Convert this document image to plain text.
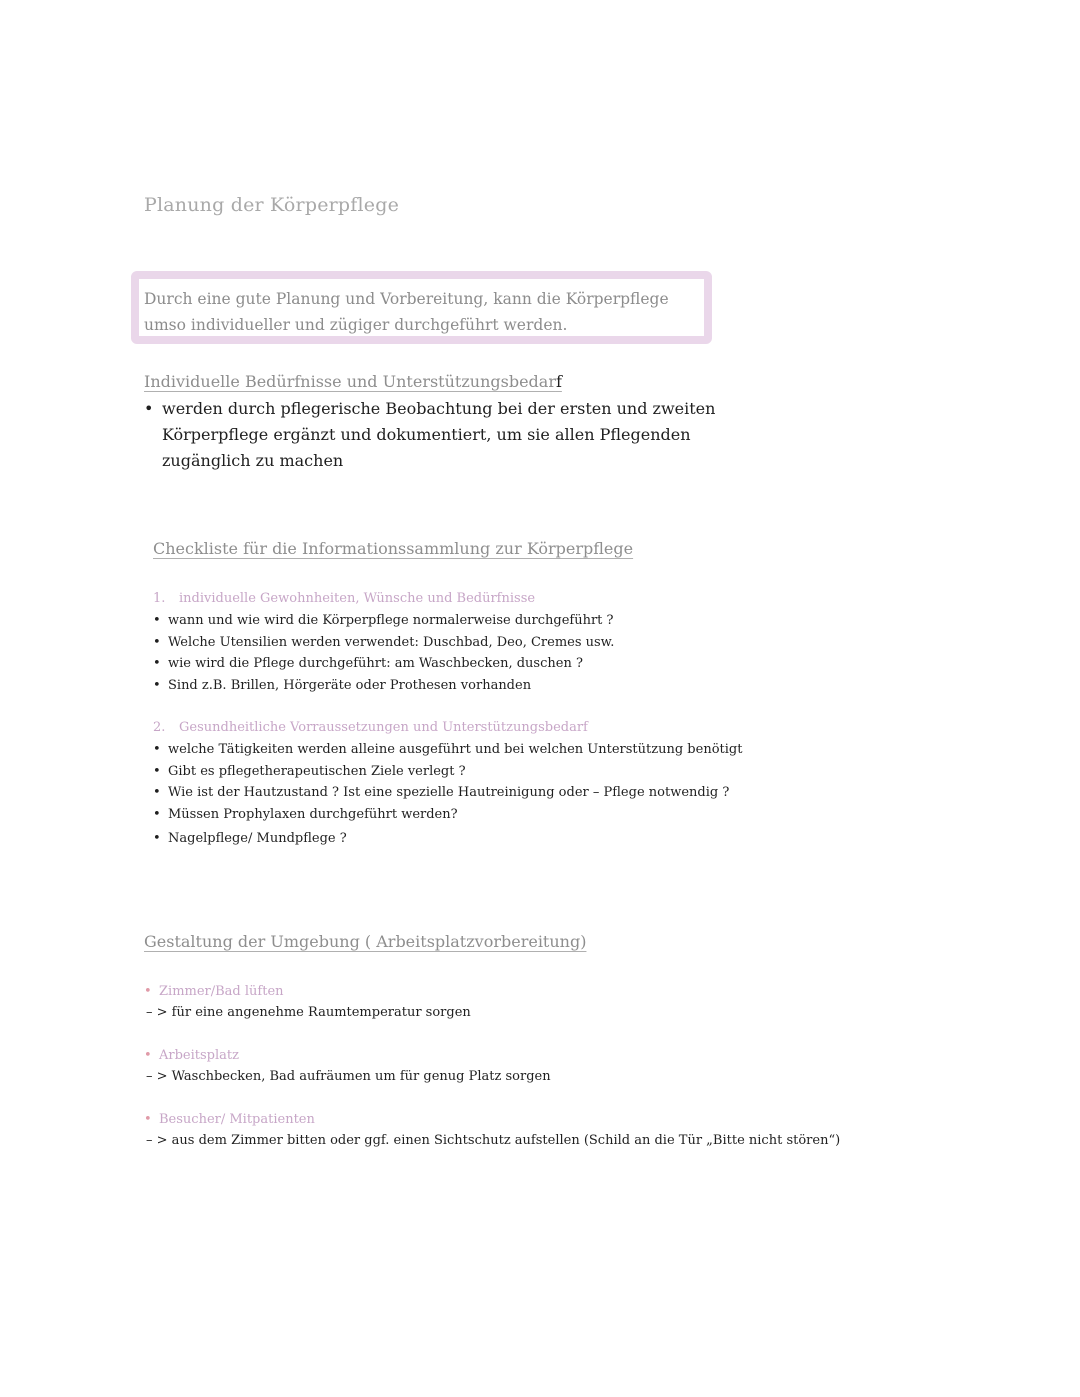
Planung der Körperpflege
Durch eine gute Planung und Vorbereitung, kann die Körperpflege umso individueller und zügiger durchgeführt werden.
Individuelle Bedürfnisse und Unterstützungsbedarf
• werden durch pflegerische Beobachtung bei der ersten und zweiten Körperpflege ergänzt und dokumentiert, um sie allen Pflegenden zugänglich zu machen
Checkliste für die Informationssammlung zur Körperpflege
1. individuelle Gewohnheiten, Wünsche und Bedürfnisse
• wann und wie wird die Körperpflege normalerweise durchgeführt ?
• Welche Utensilien werden verwendet: Duschbad, Deo, Cremes usw.
• wie wird die Pflege durchgeführt: am Waschbecken, duschen ?
• Sind z.B. Brillen, Hörgeräte oder Prothesen vorhanden
2. Gesundheitliche Vorraussetzungen und Unterstützungsbedarf
• welche Tätigkeiten werden alleine ausgeführt und bei welchen Unterstützung benötigt
• Gibt es pflegetherapeutischen Ziele verlegt ?
• Wie ist der Hautzustand ? Ist eine spezielle Hautreinigung oder – Pflege notwendig ?
• Müssen Prophylaxen durchgeführt werden?
• Nagelpflege/ Mundpflege ?
Gestaltung der Umgebung ( Arbeitsplatzvorbereitung)
• Zimmer/Bad lüften
– > für eine angenehme Raumtemperatur sorgen
• Arbeitsplatz
– > Waschbecken, Bad aufräumen um für genug Platz sorgen
• Besucher/ Mitpatienten
– > aus dem Zimmer bitten oder ggf. einen Sichtschutz aufstellen (Schild an die Tür „Bitte nicht stören“)
